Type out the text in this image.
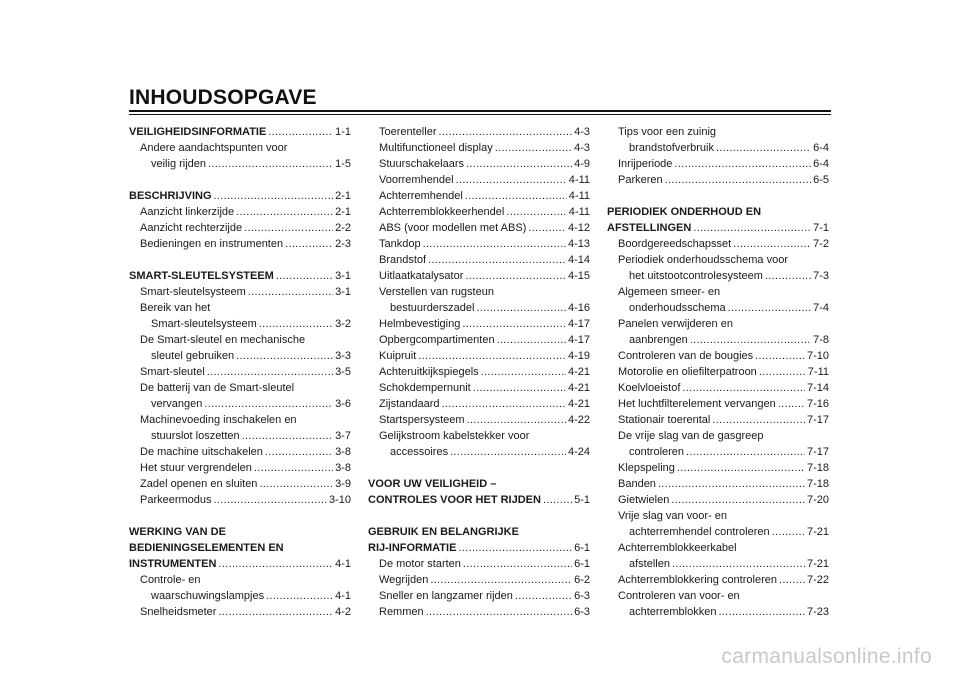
INHOUDSOPGAVE
VEILIGHEIDSINFORMATIE .....	1-1
Andere aandachtspunten voor
veilig rijden .....	1-5
BESCHRIJVING .....	2-1
Aanzicht linkerzijde .....	2-1
Aanzicht rechterzijde .....	2-2
Bedieningen en instrumenten .....	2-3
SMART-SLEUTELSYSTEEM .....	3-1
Smart-sleutelsysteem .....	3-1
Bereik van het
Smart-sleutelsysteem .....	3-2
De Smart-sleutel en mechanische
sleutel gebruiken .....	3-3
Smart-sleutel .....	3-5
De batterij van de Smart-sleutel
vervangen .....	3-6
Machinevoeding inschakelen en
stuurslot loszetten .....	3-7
De machine uitschakelen .....	3-8
Het stuur vergrendelen .....	3-8
Zadel openen en sluiten .....	3-9
Parkeermodus .....	3-10
WERKING VAN DE
BEDIENINGSELEMENTEN EN
INSTRUMENTEN .....	4-1
Controle- en
waarschuwingslampjes .....	4-1
Snelheidsmeter .....	4-2
Toerenteller .....	4-3
Multifunctioneel display .....	4-3
Stuurschakelaars .....	4-9
Voorremhendel .....	4-11
Achterremhendel .....	4-11
Achterremblokkeerhendel .....	4-11
ABS (voor modellen met ABS) .....	4-12
Tankdop .....	4-13
Brandstof .....	4-14
Uitlaatkatalysator .....	4-15
Verstellen van rugsteun
bestuurderszadel .....	4-16
Helmbevestiging .....	4-17
Opbergcompartimenten .....	4-17
Kuipruit .....	4-19
Achteruitkijkspiegels .....	4-21
Schokdempernunit .....	4-21
Zijstandaard .....	4-21
Startspersysteem .....	4-22
Gelijkstroom kabelstekker voor
accessoires .....	4-24
VOOR UW VEILIGHEID –
CONTROLES VOOR HET RIJDEN .....	5-1
GEBRUIK EN BELANGRIJKE
RIJ-INFORMATIE .....	6-1
De motor starten .....	6-1
Wegrijden .....	6-2
Sneller en langzamer rijden .....	6-3
Remmen .....	6-3
Tips voor een zuinig
brandstofverbruik .....	6-4
Inrijperiode .....	6-4
Parkeren .....	6-5
PERIODIEK ONDERHOUD EN
AFSTELLINGEN .....	7-1
Boordgereedschapsset .....	7-2
Periodiek onderhoudsschema voor
het uitstootcontrolesysteem .....	7-3
Algemeen smeer- en
onderhoudsschema .....	7-4
Panelen verwijderen en
aanbrengen .....	7-8
Controleren van de bougies .....	7-10
Motorolie en oliefilterpatroon .....	7-11
Koelvloeistof .....	7-14
Het luchtfilterelement vervangen .....	7-16
Stationair toerental .....	7-17
De vrije slag van de gasgreep
controleren .....	7-17
Klepspeling .....	7-18
Banden .....	7-18
Gietwielen .....	7-20
Vrije slag van voor- en
achterremhendel controleren .....	7-21
Achterremblokkeerkabel
afstellen .....	7-21
Achterremblokkering controleren .....	7-22
Controleren van voor- en
achterremblokken .....	7-23
carmanualsonline.info
